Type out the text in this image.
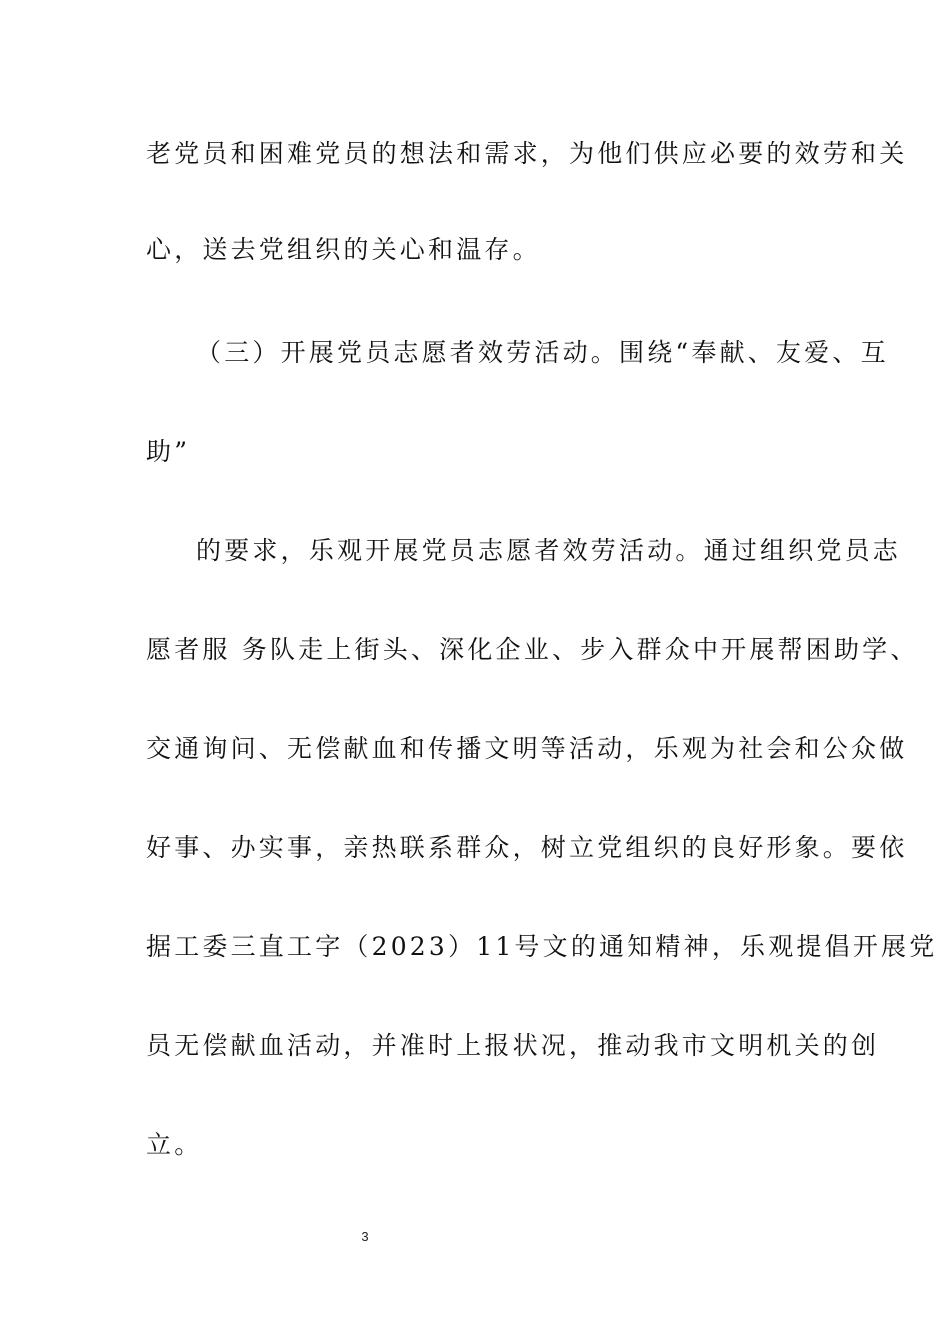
老党员和困难党员的想法和需求，为他们供应必要的效劳和关
心，送去党组织的关心和温存。
（三）开展党员志愿者效劳活动。围绕“奉献、友爱、互
助”
的要求，乐观开展党员志愿者效劳活动。通过组织党员志
愿者服 务队走上街头、深化企业、步入群众中开展帮困助学、
交通询问、无偿献血和传播文明等活动，乐观为社会和公众做
好事、办实事，亲热联系群众，树立党组织的良好形象。要依
据工委三直工字（2023）11号文的通知精神，乐观提倡开展党
员无偿献血活动，并准时上报状况，推动我市文明机关的创
立。
3
